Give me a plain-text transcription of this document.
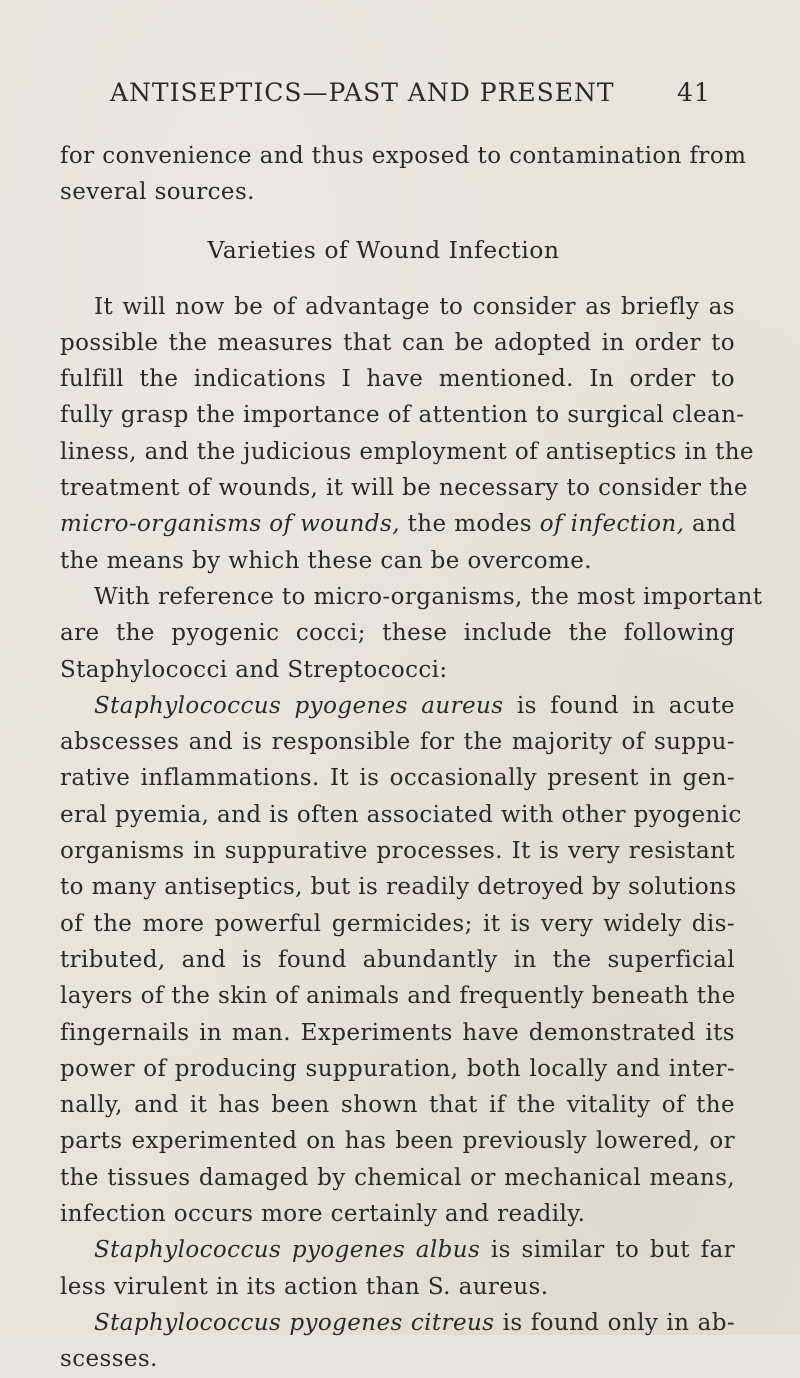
ANTISEPTICS—PAST AND PRESENT 41
for convenience and thus exposed to contamination from
several sources.
Varieties of Wound Infection
It will now be of advantage to consider as briefly as
possible the measures that can be adopted in order to
fulfill the indications I have mentioned. In order to
fully grasp the importance of attention to surgical clean-
liness, and the judicious employment of antiseptics in the
treatment of wounds, it will be necessary to consider the
micro-organisms of wounds, the modes of infection, and
the means by which these can be overcome.
With reference to micro-organisms, the most important
are the pyogenic cocci; these include the following
Staphylococci and Streptococci:
Staphylococcus pyogenes aureus is found in acute
abscesses and is responsible for the majority of suppu-
rative inflammations. It is occasionally present in gen-
eral pyemia, and is often associated with other pyogenic
organisms in suppurative processes. It is very resistant
to many antiseptics, but is readily detroyed by solutions
of the more powerful germicides; it is very widely dis-
tributed, and is found abundantly in the superficial
layers of the skin of animals and frequently beneath the
fingernails in man. Experiments have demonstrated its
power of producing suppuration, both locally and inter-
nally, and it has been shown that if the vitality of the
parts experimented on has been previously lowered, or
the tissues damaged by chemical or mechanical means,
infection occurs more certainly and readily.
Staphylococcus pyogenes albus is similar to but far
less virulent in its action than S. aureus.
Staphylococcus pyogenes citreus is found only in ab-
scesses.
